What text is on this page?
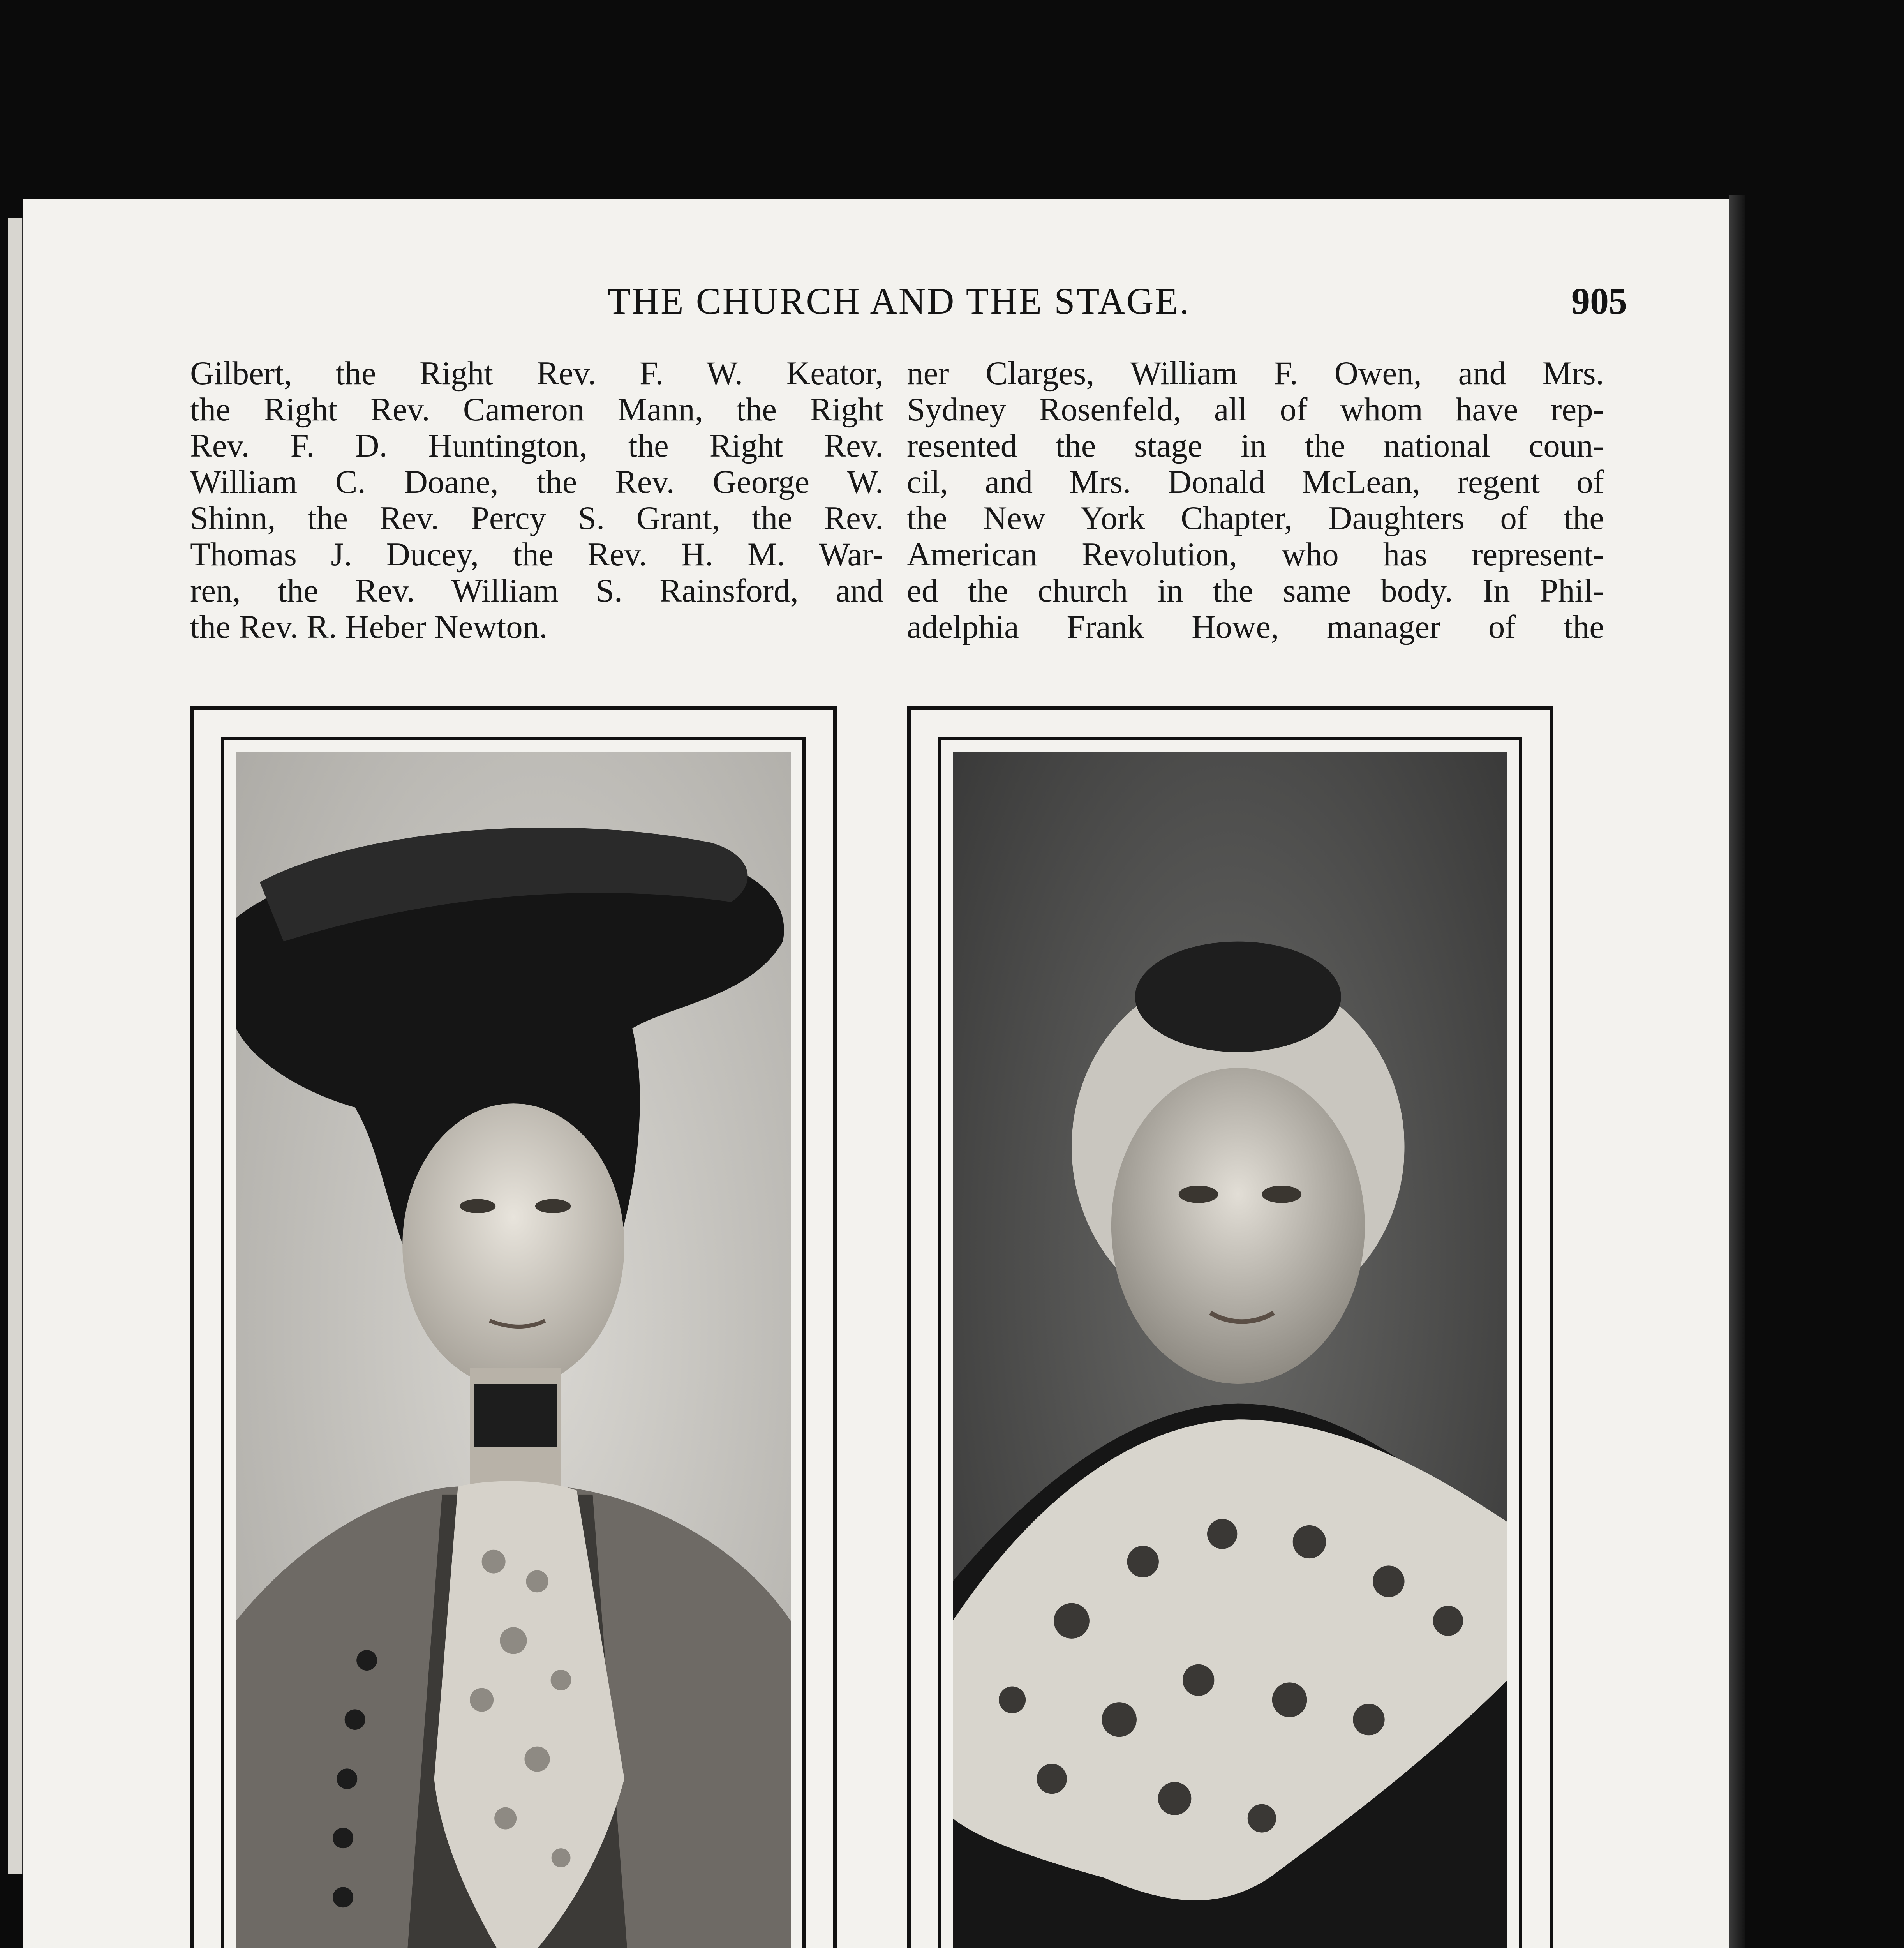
THE CHURCH AND THE STAGE.	905
Gilbert, the Right Rev. F. W. Keator,
the Right Rev. Cameron Mann, the Right
Rev. F. D. Huntington, the Right Rev.
William C. Doane, the Rev. George W.
Shinn, the Rev. Percy S. Grant, the Rev.
Thomas J. Ducey, the Rev. H. M. War-
ren, the Rev. William S. Rainsford, and
the Rev. R. Heber Newton.
ner Clarges, William F. Owen, and Mrs.
Sydney Rosenfeld, all of whom have rep-
resented the stage in the national coun-
cil, and Mrs. Donald McLean, regent of
the New York Chapter, Daughters of the
American Revolution, who has represent-
ed the church in the same body. In Phil-
adelphia Frank Howe, manager of the
